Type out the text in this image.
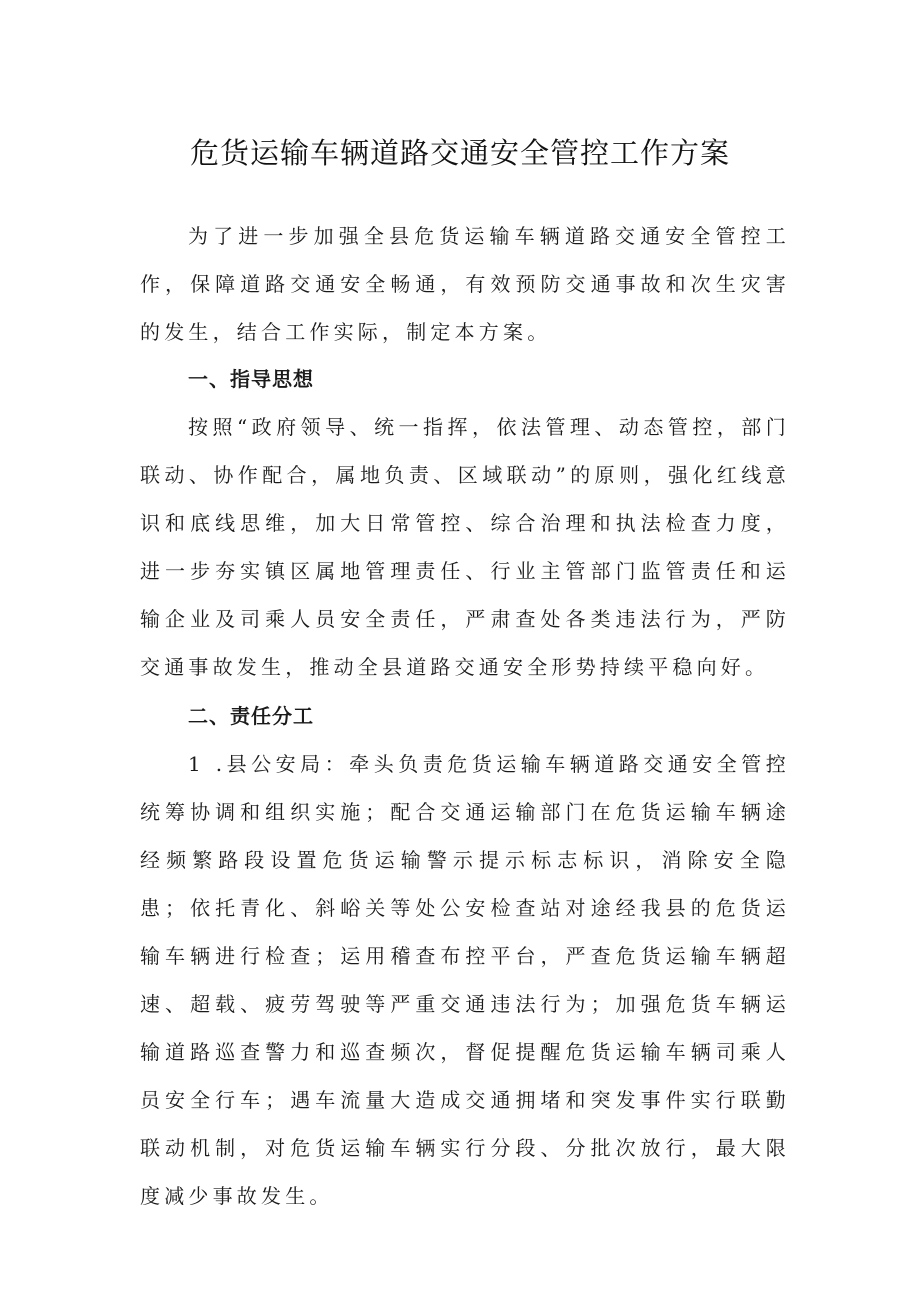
危货运输车辆道路交通安全管控工作方案

为了进一步加强全县危货运输车辆道路交通安全管控工作，保障道路交通安全畅通，有效预防交通事故和次生灾害的发生，结合工作实际，制定本方案。

一、指导思想

按照“政府领导、统一指挥，依法管理、动态管控，部门联动、协作配合，属地负责、区域联动”的原则，强化红线意识和底线思维，加大日常管控、综合治理和执法检查力度，进一步夯实镇区属地管理责任、行业主管部门监管责任和运输企业及司乘人员安全责任，严肃查处各类违法行为，严防交通事故发生，推动全县道路交通安全形势持续平稳向好。

二、责任分工

1 .县公安局：牵头负责危货运输车辆道路交通安全管控统筹协调和组织实施；配合交通运输部门在危货运输车辆途经频繁路段设置危货运输警示提示标志标识，消除安全隐患；依托青化、斜峪关等处公安检查站对途经我县的危货运输车辆进行检查；运用稽查布控平台，严查危货运输车辆超速、超载、疲劳驾驶等严重交通违法行为；加强危货车辆运输道路巡查警力和巡查频次，督促提醒危货运输车辆司乘人员安全行车；遇车流量大造成交通拥堵和突发事件实行联勤联动机制，对危货运输车辆实行分段、分批次放行，最大限度减少事故发生。
